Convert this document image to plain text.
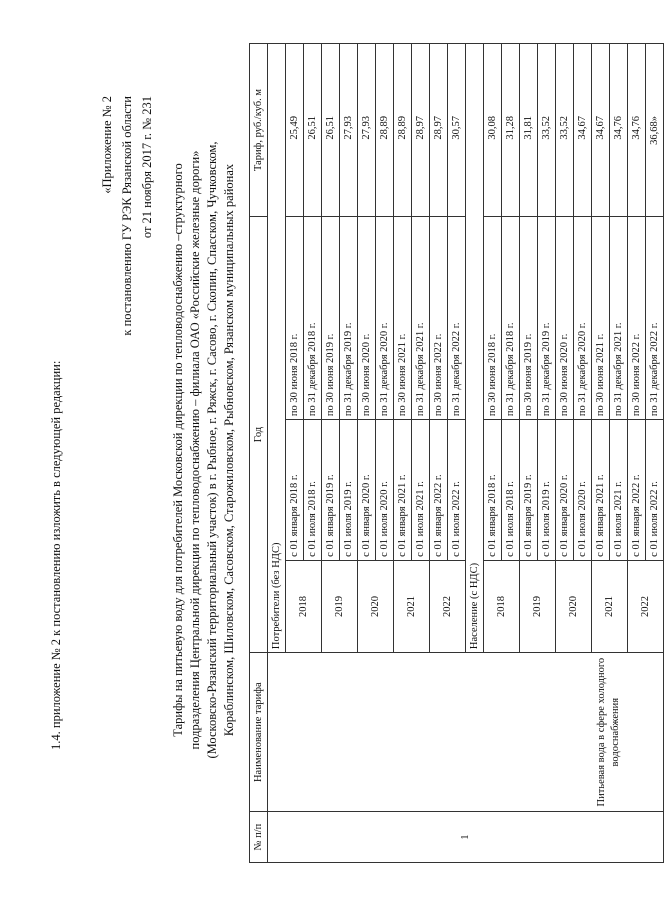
1.4. приложение № 2 к постановлению изложить в следующей редакции:
«Приложение № 2 к постановлению ГУ РЭК Рязанской области от 21 ноября 2017 г. № 231 Тарифы на питьевую воду для потребителей Московской дирекции по тепловодоснабжению –структурного подразделения Центральной дирекции по тепловодоснабжению – филиала ОАО «Российские железные дороги» (Московско-Рязанский территориальный участок) в г. Рыбное, г. Ряжск, г. Сасово, г. Скопин, Спасском, Чучковском, Кораблинском, Шиловском, Сасовском, Старожиловском, Рыбновском, Рязанском муниципальных районах
№ п/п	Наименование тарифа	Год			Тариф, руб./куб. м
1	Питьевая вода в сфере холодного водоснабжения	Потребители (без НДС)			
		2018	с 01 января 2018 г.	по 30 июня 2018 г.	25,49
			с 01 июля 2018 г.	по 31 декабря 2018 г.	26,51
		2019	с 01 января 2019 г.	по 30 июня 2019 г.	26,51
			с 01 июля 2019 г.	по 31 декабря 2019 г.	27,93
		2020	с 01 января 2020 г.	по 30 июня 2020 г.	27,93
			с 01 июля 2020 г.	по 31 декабря 2020 г.	28,89
		2021	с 01 января 2021 г.	по 30 июня 2021 г.	28,89
			с 01 июля 2021 г.	по 31 декабря 2021 г.	28,97
		2022	с 01 января 2022 г.	по 30 июня 2022 г.	28,97
			с 01 июля 2022 г.	по 31 декабря 2022 г.	30,57
		Население (с НДС)			
		2018	с 01 января 2018 г.	по 30 июня 2018 г.	30,08
			с 01 июля 2018 г.	по 31 декабря 2018 г.	31,28
		2019	с 01 января 2019 г.	по 30 июня 2019 г.	31,81
			с 01 июля 2019 г.	по 31 декабря 2019 г.	33,52
		2020	с 01 января 2020 г.	по 30 июня 2020 г.	33,52
			с 01 июля 2020 г.	по 31 декабря 2020 г.	34,67
		2021	с 01 января 2021 г.	по 30 июня 2021 г.	34,67
			с 01 июля 2021 г.	по 31 декабря 2021 г.	34,76
		2022	с 01 января 2022 г.	по 30 июня 2022 г.	34,76
			с 01 июля 2022 г.	по 31 декабря 2022 г.	36,68»
